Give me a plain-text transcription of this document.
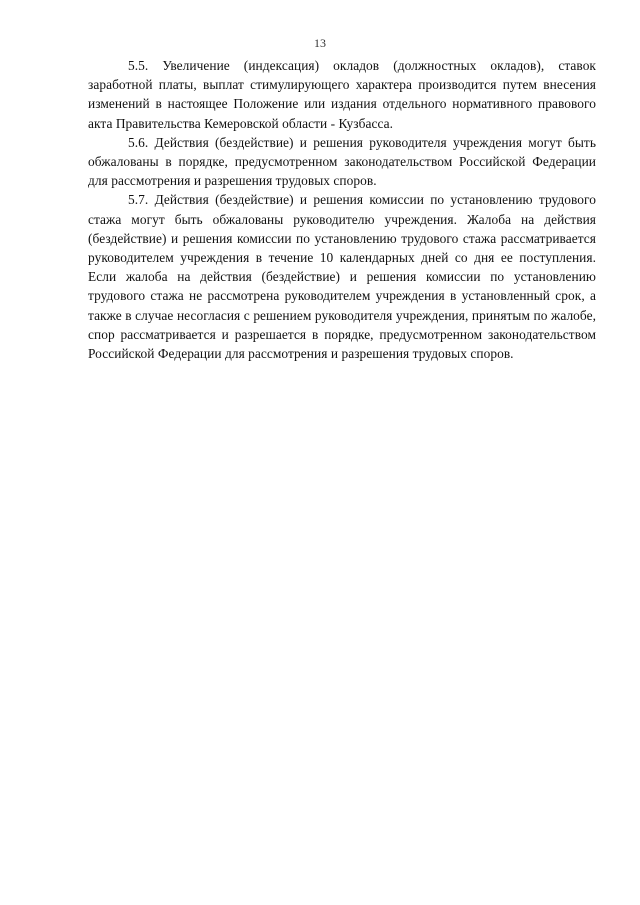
13

5.5. Увеличение (индексация) окладов (должностных окладов), ставок заработной платы, выплат стимулирующего характера производится путем внесения изменений в настоящее Положение или издания отдельного нормативного правового акта Правительства Кемеровской области - Кузбасса.

5.6. Действия (бездействие) и решения руководителя учреждения могут быть обжалованы в порядке, предусмотренном законодательством Российской Федерации для рассмотрения и разрешения трудовых споров.

5.7. Действия (бездействие) и решения комиссии по установлению трудового стажа могут быть обжалованы руководителю учреждения. Жалоба на действия (бездействие) и решения комиссии по установлению трудового стажа рассматривается руководителем учреждения в течение 10 календарных дней со дня ее поступления. Если жалоба на действия (бездействие) и решения комиссии по установлению трудового стажа не рассмотрена руководителем учреждения в установленный срок, а также в случае несогласия с решением руководителя учреждения, принятым по жалобе, спор рассматривается и разрешается в порядке, предусмотренном законодательством Российской Федерации для рассмотрения и разрешения трудовых споров.
